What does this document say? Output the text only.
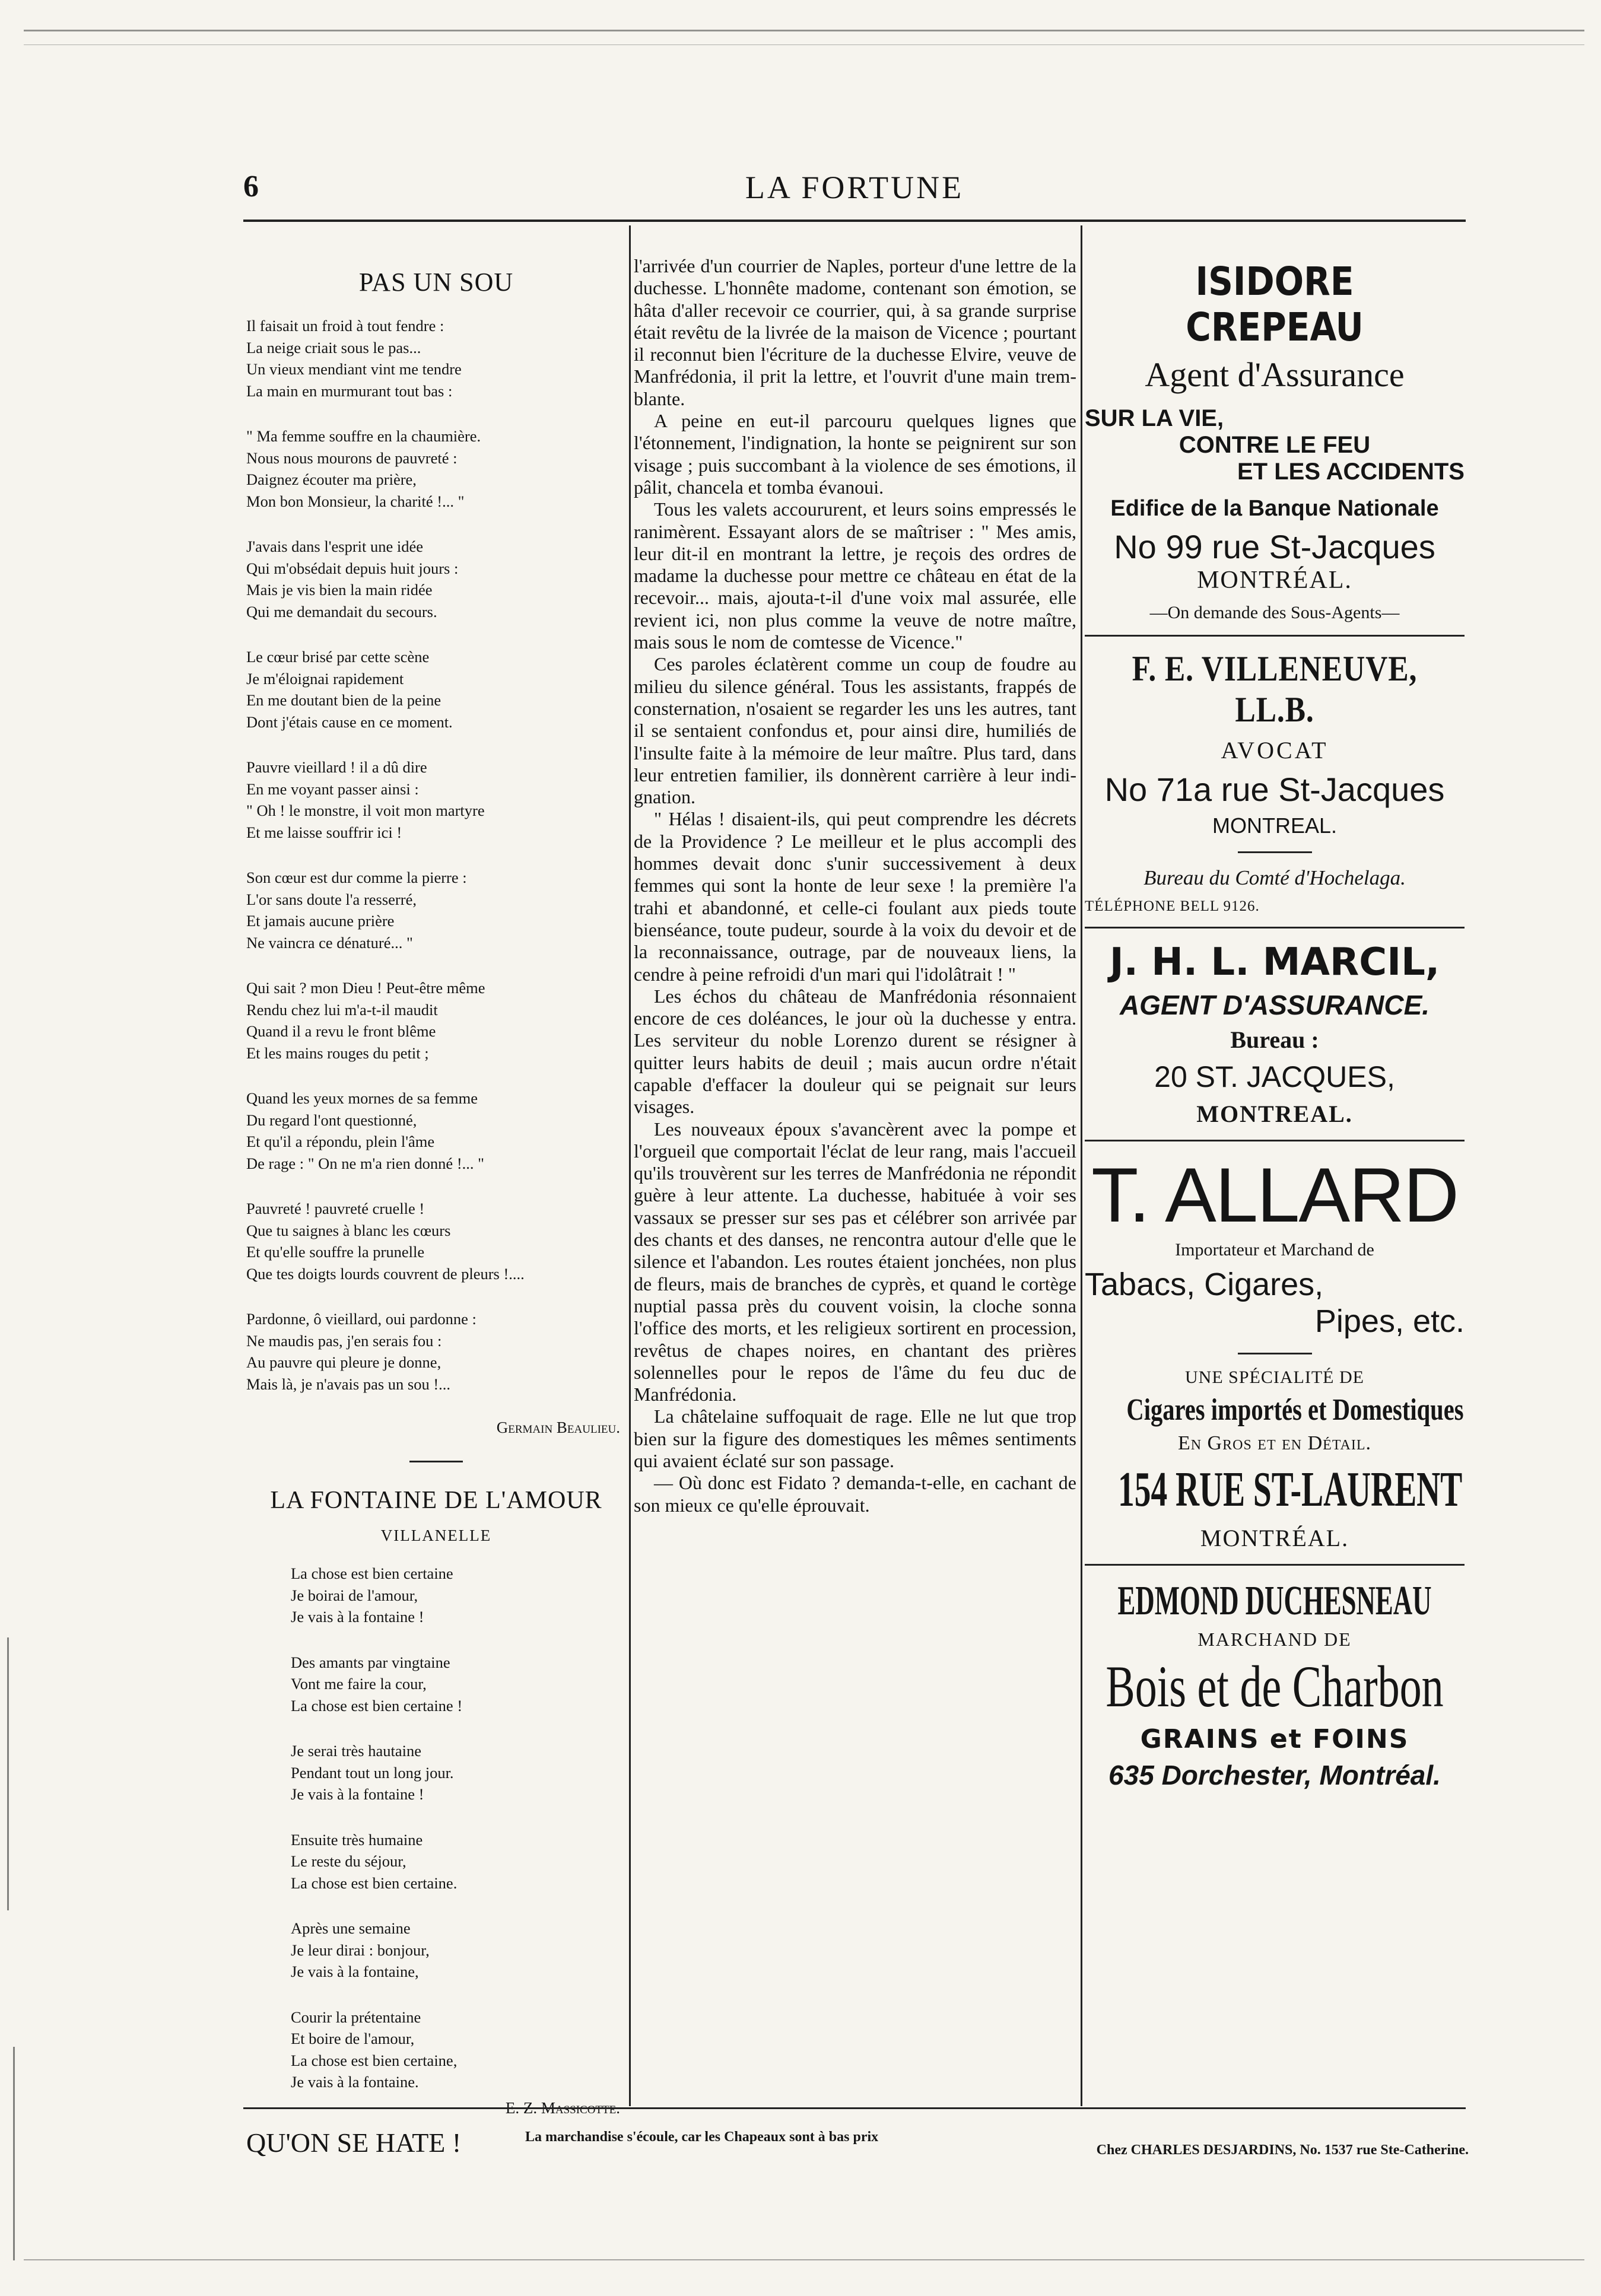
6	LA FORTUNE
PAS UN SOU
Il faisait un froid à tout fendre :
La neige criait sous le pas...
Un vieux mendiant vint me tendre
La main en murmurant tout bas :
" Ma femme souffre en la chaumière.
Nous nous mourons de pauvreté :
Daignez écouter ma prière,
Mon bon Monsieur, la charité !... "
J'avais dans l'esprit une idée
Qui m'obsédait depuis huit jours :
Mais je vis bien la main ridée
Qui me demandait du secours.
Le cœur brisé par cette scène
Je m'éloignai rapidement
En me doutant bien de la peine
Dont j'étais cause en ce moment.
Pauvre vieillard ! il a dû dire
En me voyant passer ainsi :
" Oh ! le monstre, il voit mon martyre
Et me laisse souffrir ici !
Son cœur est dur comme la pierre :
L'or sans doute l'a resserré,
Et jamais aucune prière
Ne vaincra ce dénaturé... "
Qui sait ? mon Dieu ! Peut-être même
Rendu chez lui m'a-t-il maudit
Quand il a revu le front blême
Et les mains rouges du petit ;
Quand les yeux mornes de sa femme
Du regard l'ont questionné,
Et qu'il a répondu, plein l'âme
De rage : " On ne m'a rien donné !... "
Pauvreté ! pauvreté cruelle !
Que tu saignes à blanc les cœurs
Et qu'elle souffre la prunelle
Que tes doigts lourds couvrent de pleurs !....
Pardonne, ô vieillard, oui pardonne :
Ne maudis pas, j'en serais fou :
Au pauvre qui pleure je donne,
Mais là, je n'avais pas un sou !...
Germain Beaulieu.
LA FONTAINE DE L'AMOUR
VILLANELLE
La chose est bien certaine
Je boirai de l'amour,
Je vais à la fontaine !
Des amants par vingtaine
Vont me faire la cour,
La chose est bien certaine !
Je serai très hautaine
Pendant tout un long jour.
Je vais à la fontaine !
Ensuite très humaine
Le reste du séjour,
La chose est bien certaine.
Après une semaine
Je leur dirai : bonjour,
Je vais à la fontaine,
Courir la prétentaine
Et boire de l'amour,
La chose est bien certaine,
Je vais à la fontaine.
E. Z. Massicotte.

l'arrivée d'un courrier de Naples, porteur d'une lettre de la duchesse. L'honnête madome, contenant son émotion, se hâta d'aller recevoir ce courrier, qui, à sa grande surprise était revêtu de la livrée de la maison de Vicence ; pourtant il reconnut bien l'écriture de la duchesse Elvire, veuve de Manfrédonia, il prit la lettre, et l'ouvrit d'une main tremblante.

A peine en eut-il parcouru quelques lignes que l'étonnement, l'indignation, la honte se peignirent sur son visage ; puis succombant à la violence de ses émotions, il pâlit, chancela et tomba évanoui.

Tous les valets accoururent, et leurs soins empressés le ranimèrent. Essayant alors de se maîtriser : " Mes amis, leur dit-il en montrant la lettre, je reçois des ordres de madame la duchesse pour mettre ce château en état de la recevoir... mais, ajouta-t-il d'une voix mal assurée, elle revient ici, non plus comme la veuve de notre maître, mais sous le nom de comtesse de Vicence."

Ces paroles éclatèrent comme un coup de foudre au milieu du silence général. Tous les assistants, frappés de consternation, n'osaient se regarder les uns les autres, tant il se sentaient confondus et, pour ainsi dire, humiliés de l'insulte faite à la mémoire de leur maître. Plus tard, dans leur entretien familier, ils donnèrent carrière à leur indignation.

" Hélas ! disaient-ils, qui peut comprendre les décrets de la Providence ? Le meilleur et le plus accompli des hommes devait donc s'unir successivement à deux femmes qui sont la honte de leur sexe ! la première l'a trahi et abandonné, et celle-ci foulant aux pieds toute bienséance, toute pudeur, sourde à la voix du devoir et de la reconnaissance, outrage, par de nouveaux liens, la cendre à peine refroidi d'un mari qui l'idolâtrait ! "

Les échos du château de Manfrédonia résonnaient encore de ces doléances, le jour où la duchesse y entra. Les serviteur du noble Lorenzo durent se résigner à quitter leurs habits de deuil ; mais aucun ordre n'était capable d'effacer la douleur qui se peignait sur leurs visages.

Les nouveaux époux s'avancèrent avec la pompe et l'orgueil que comportait l'éclat de leur rang, mais l'accueil qu'ils trouvèrent sur les terres de Manfrédonia ne répondit guère à leur attente. La duchesse, habituée à voir ses vassaux se presser sur ses pas et célébrer son arrivée par des chants et des danses, ne rencontra autour d'elle que le silence et l'abandon. Les routes étaient jonchées, non plus de fleurs, mais de branches de cyprès, et quand le cortège nuptial passa près du couvent voisin, la cloche sonna l'office des morts, et les religieux sortirent en procession, revêtus de chapes noires, en chantant des prières solennelles pour le repos de l'âme du feu duc de Manfrédonia.

La châtelaine suffoquait de rage. Elle ne lut que trop bien sur la figure des domestiques les mêmes sentiments qui avaient éclaté sur son passage.

— Où donc est Fidato ? demanda-t-elle, en cachant de son mieux ce qu'elle éprouvait.

ISIDORE CREPEAU
Agent d'Assurance
SUR LA VIE,
CONTRE LE FEU
ET LES ACCIDENTS
Edifice de la Banque Nationale
No 99 rue St-Jacques
MONTRÉAL.
—On demande des Sous-Agents—
F. E. VILLENEUVE, LL.B.
AVOCAT
No 71a rue St-Jacques
MONTREAL.
Bureau du Comté d'Hochelaga.
TÉLÉPHONE BELL 9126.
J. H. L. MARCIL,
AGENT D'ASSURANCE.
Bureau :
20 ST. JACQUES,
MONTREAL.
T. ALLARD
Importateur et Marchand de
Tabacs, Cigares,
Pipes, etc.
UNE SPÉCIALITÉ DE
Cigares importés et Domestiques
En Gros et en Détail.
154 RUE ST-LAURENT
MONTRÉAL.
EDMOND DUCHESNEAU
MARCHAND DE
Bois et de Charbon
GRAINS et FOINS
635 Dorchester, Montréal.
QU'ON SE HATE !	La marchandise s'écoule, car les Chapeaux sont à bas prix
Chez CHARLES DESJARDINS, No. 1537 rue Ste-Catherine.
